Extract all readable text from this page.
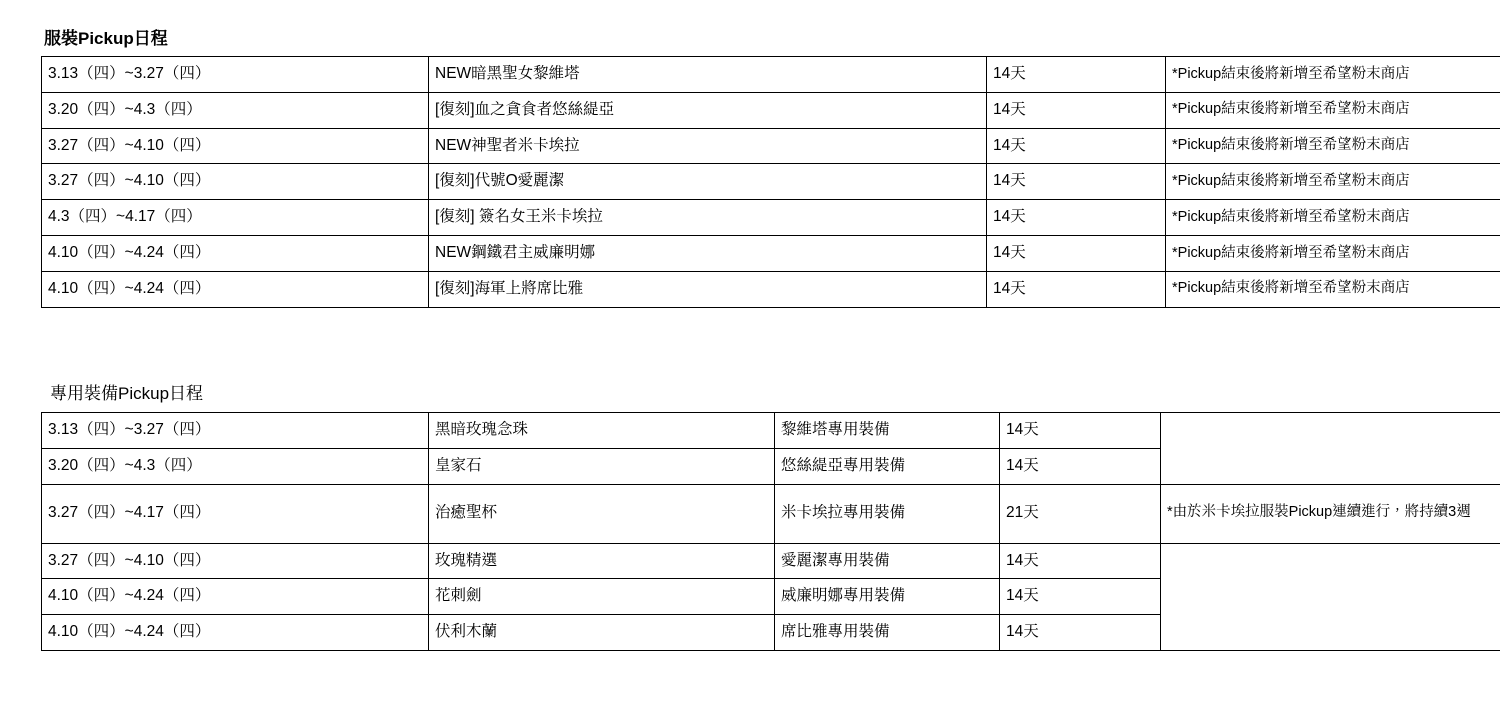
服裝Pickup日程
3.13（四）~3.27（四）	NEW暗黑聖女黎維塔	14天	*Pickup結束後將新增至希望粉末商店
3.20（四）~4.3（四）	[復刻]血之貪食者悠絲緹亞	14天	*Pickup結束後將新增至希望粉末商店
3.27（四）~4.10（四）	NEW神聖者米卡埃拉	14天	*Pickup結束後將新增至希望粉末商店
3.27（四）~4.10（四）	[復刻]代號O愛麗潔	14天	*Pickup結束後將新增至希望粉末商店
4.3（四）~4.17（四）	[復刻] 簽名女王米卡埃拉	14天	*Pickup結束後將新增至希望粉末商店
4.10（四）~4.24（四）	NEW鋼鐵君主威廉明娜	14天	*Pickup結束後將新增至希望粉末商店
4.10（四）~4.24（四）	[復刻]海軍上將席比雅	14天	*Pickup結束後將新增至希望粉末商店
專用裝備Pickup日程
3.13（四）~3.27（四）	黑暗玫瑰念珠	黎維塔專用裝備	14天	
3.20（四）~4.3（四）	皇家石	悠絲緹亞專用裝備	14天	
3.27（四）~4.17（四）	治癒聖杯	米卡埃拉專用裝備	21天	*由於米卡埃拉服裝Pickup連續進行，將持續3週
3.27（四）~4.10（四）	玫瑰精選	愛麗潔專用裝備	14天	
4.10（四）~4.24（四）	花刺劍	威廉明娜專用裝備	14天	
4.10（四）~4.24（四）	伏利木蘭	席比雅專用裝備	14天	
